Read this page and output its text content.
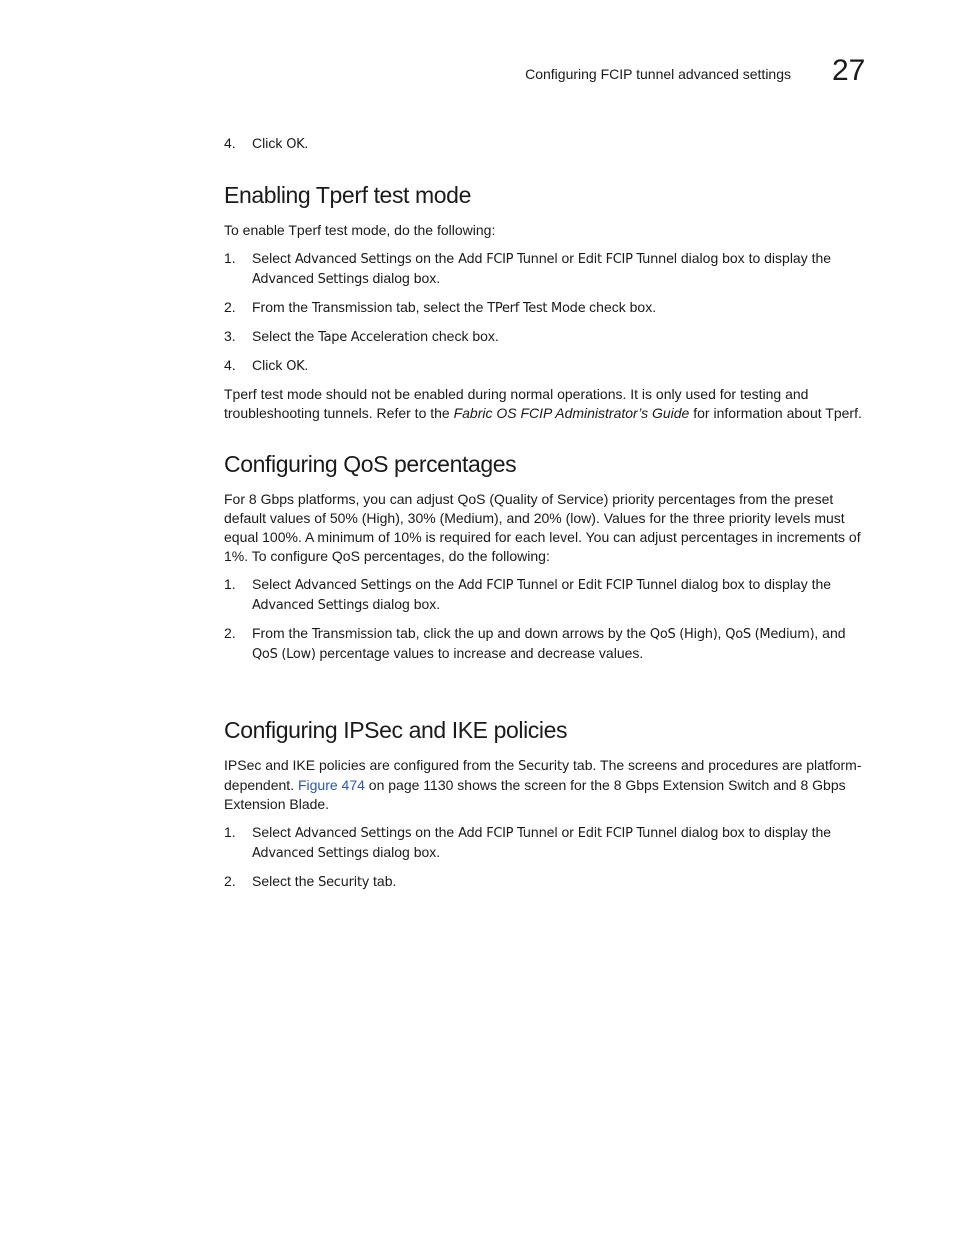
Configuring FCIP tunnel advanced settings 27
4.	Click OK.
Enabling Tperf test mode

To enable Tperf test mode, do the following:

1.	Select Advanced Settings on the Add FCIP Tunnel or Edit FCIP Tunnel dialog box to display the Advanced Settings dialog box.
2.	From the Transmission tab, select the TPerf Test Mode check box.
3.	Select the Tape Acceleration check box.
4.	Click OK.

Tperf test mode should not be enabled during normal operations. It is only used for testing and troubleshooting tunnels. Refer to the Fabric OS FCIP Administrator’s Guide for information about Tperf.

Configuring QoS percentages

For 8 Gbps platforms, you can adjust QoS (Quality of Service) priority percentages from the preset default values of 50% (High), 30% (Medium), and 20% (low). Values for the three priority levels must equal 100%. A minimum of 10% is required for each level. You can adjust percentages in increments of 1%. To configure QoS percentages, do the following:

1.	Select Advanced Settings on the Add FCIP Tunnel or Edit FCIP Tunnel dialog box to display the Advanced Settings dialog box.
2.	From the Transmission tab, click the up and down arrows by the QoS (High), QoS (Medium), and QoS (Low) percentage values to increase and decrease values.
Configuring IPSec and IKE policies

IPSec and IKE policies are configured from the Security tab. The screens and procedures are platform-dependent. Figure 474 on page 1130 shows the screen for the 8 Gbps Extension Switch and 8 Gbps Extension Blade.

1.	Select Advanced Settings on the Add FCIP Tunnel or Edit FCIP Tunnel dialog box to display the Advanced Settings dialog box.
2.	Select the Security tab.
